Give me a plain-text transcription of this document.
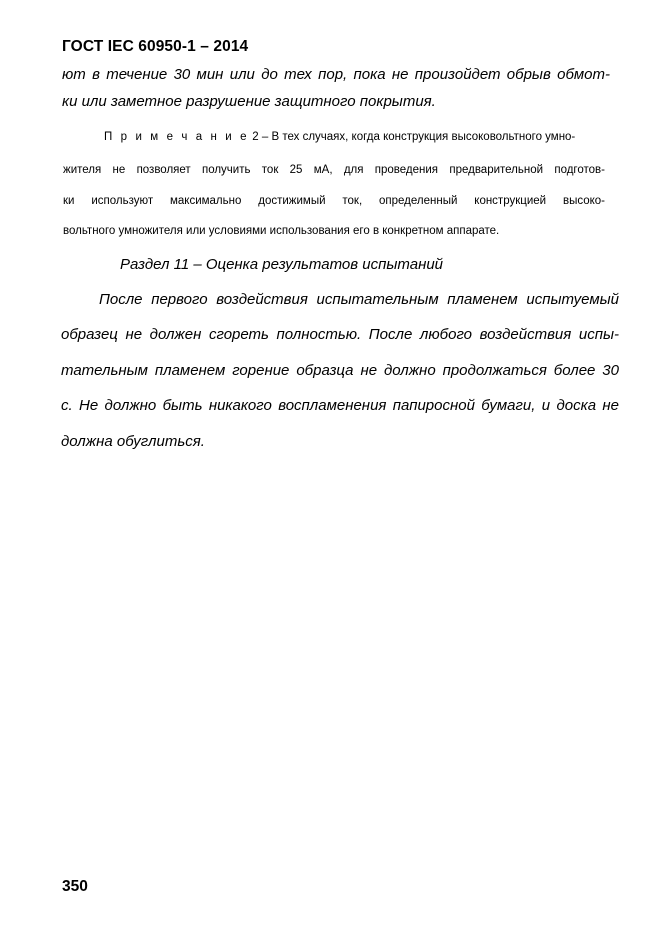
ГОСТ IEC 60950-1 – 2014
ют в течение 30 мин или до тех пор, пока не произойдет обрыв обмот-
ки или заметное разрушение защитного покрытия.
П р и м е ч а н и е 2 – В тех случаях, когда конструкция высоковольтного умно-
жителя не позволяет получить ток 25 мА, для проведения предварительной подготов-
ки используют максимально достижимый ток, определенный конструкцией высоко-
вольтного умножителя или условиями использования его в конкретном аппарате.
Раздел 11 – Оценка результатов испытаний
После первого воздействия испытательным пламенем испытуемый
образец не должен сгореть полностью. После любого воздействия испы-
тательным пламенем горение образца не должно продолжаться более 30
с. Не должно быть никакого воспламенения папиросной бумаги, и доска не
должна обуглиться.
350
